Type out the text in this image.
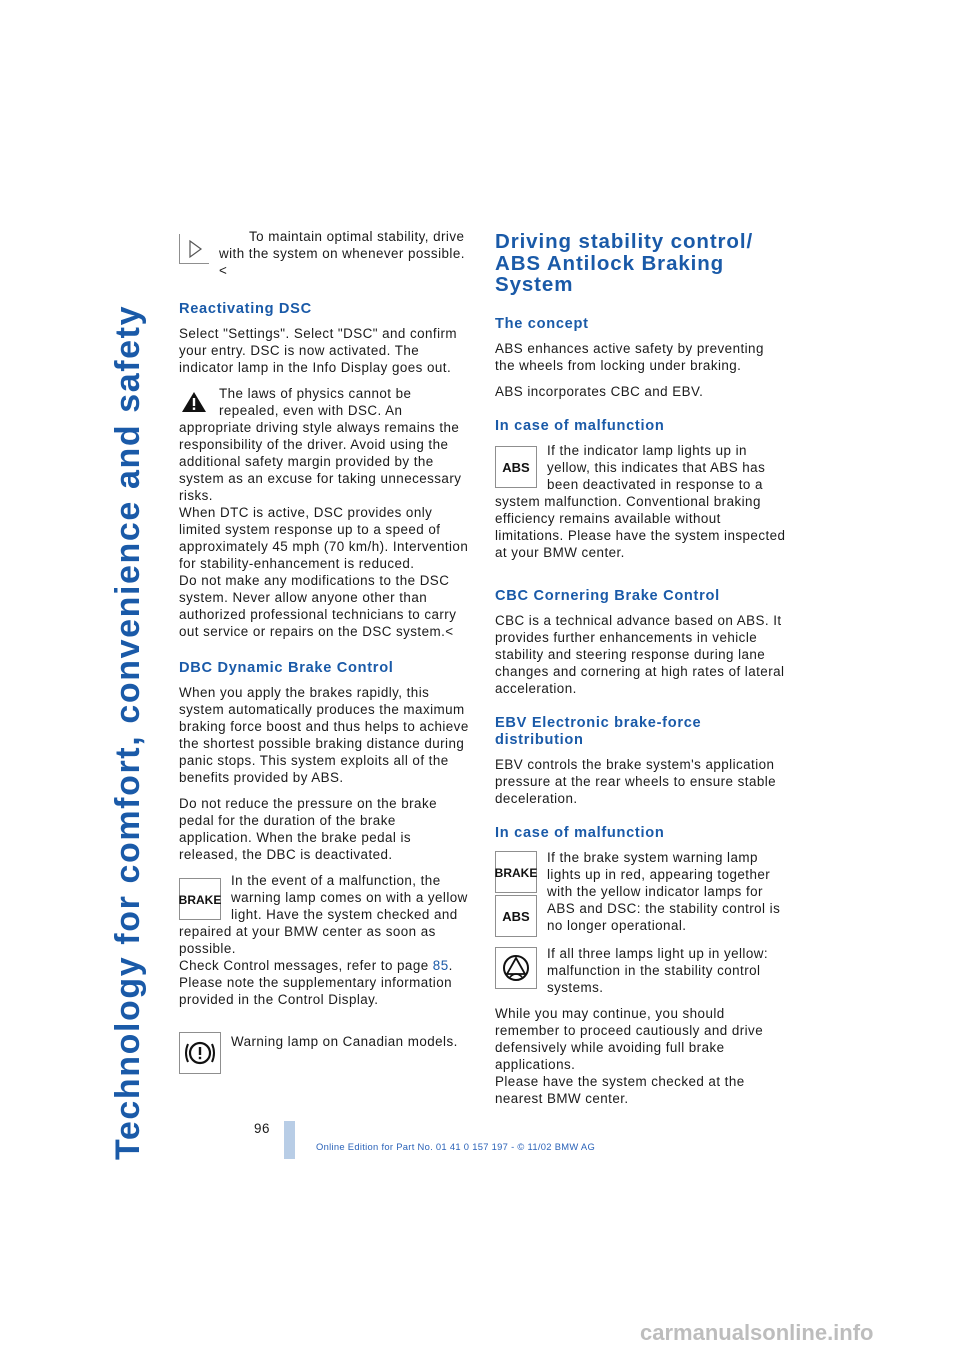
Technology for comfort, convenience and safety

To maintain optimal stability, drive with the system on whenever possible.<

Reactivating DSC

Select "Settings". Select "DSC" and confirm your entry. DSC is now activated. The indicator lamp in the Info Display goes out.

The laws of physics cannot be repealed, even with DSC. An appropriate driving style always remains the responsibility of the driver. Avoid using the additional safety margin provided by the system as an excuse for taking unnecessary risks.
When DTC is active, DSC provides only limited system response up to a speed of approximately 45 mph (70 km/h). Intervention for stability-enhancement is reduced.
Do not make any modifications to the DSC system. Never allow anyone other than authorized professional technicians to carry out service or repairs on the DSC system.<

DBC Dynamic Brake Control

When you apply the brakes rapidly, this system automatically produces the maximum braking force boost and thus helps to achieve the shortest possible braking distance during panic stops. This system exploits all of the benefits provided by ABS.

Do not reduce the pressure on the brake pedal for the duration of the brake application. When the brake pedal is released, the DBC is deactivated.

BRAKE

In the event of a malfunction, the warning lamp comes on with a yellow light. Have the system checked and repaired at your BMW center as soon as possible.
Check Control messages, refer to page 85.
Please note the supplementary information provided in the Control Display.

Warning lamp on Canadian models.

Driving stability control/ ABS Antilock Braking System
The concept

ABS enhances active safety by preventing the wheels from locking under braking.

ABS incorporates CBC and EBV.

In case of malfunction
ABS

If the indicator lamp lights up in yellow, this indicates that ABS has been deactivated in response to a system malfunction. Conventional braking efficiency remains available without limitations. Please have the system inspected at your BMW center.

CBC Cornering Brake Control

CBC is a technical advance based on ABS. It provides further enhancements in vehicle stability and steering response during lane changes and cornering at high rates of lateral acceleration.

EBV Electronic brake-force distribution

EBV controls the brake system's application pressure at the rear wheels to ensure stable deceleration.

In case of malfunction
BRAKE
ABS

If the brake system warning lamp lights up in red, appearing together with the yellow indicator lamps for ABS and DSC: the stability control is no longer operational.

If all three lamps light up in yellow: malfunction in the stability control systems.

While you may continue, you should remember to proceed cautiously and drive defensively while avoiding full brake applications.
Please have the system checked at the nearest BMW center.

96
Online Edition for Part No. 01 41 0 157 197 - © 11/02 BMW AG
carmanualsonline.info
